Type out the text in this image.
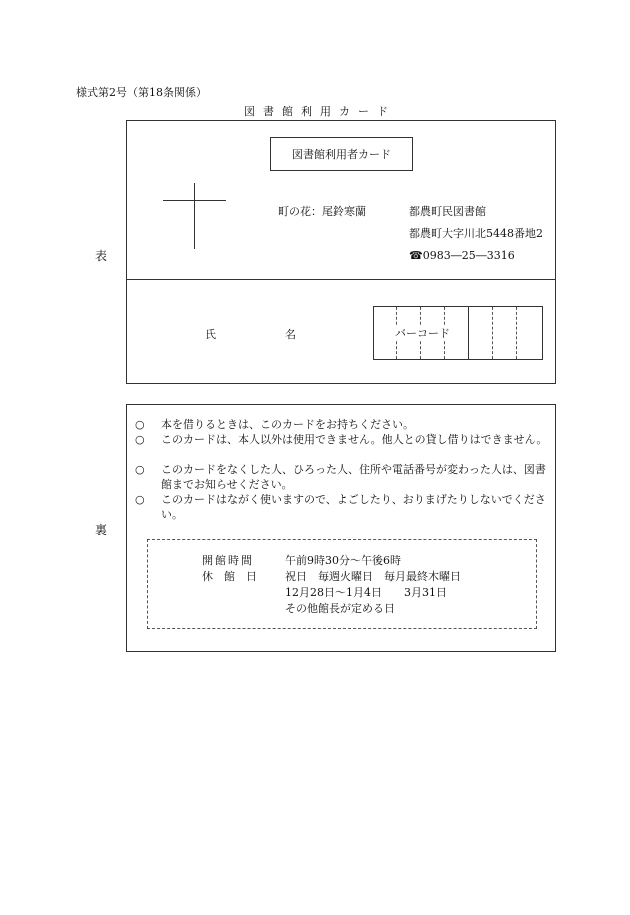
様式第2号（第18条関係）
図書館利用カード
表
図書館利用者カード
町の花：尾鈴寒蘭	都農町民図書館
都農町大字川北5448番地2
☎0983―25―3316
氏	名	バーコード
裏
○ 本を借りるときは、このカードをお持ちください。
○ このカードは、本人以外は使用できません。他人との貸し借りはできません。
○ このカードをなくした人、ひろった人、住所や電話番号が変わった人は、図書館までお知らせください。
○ このカードはながく使いますので、よごしたり、おりまげたりしないでください。
開館時間	午前9時30分～午後6時
休　館　日	祝日　毎週火曜日　毎月最終木曜日
12月28日～1月4日　　3月31日
その他館長が定める日
